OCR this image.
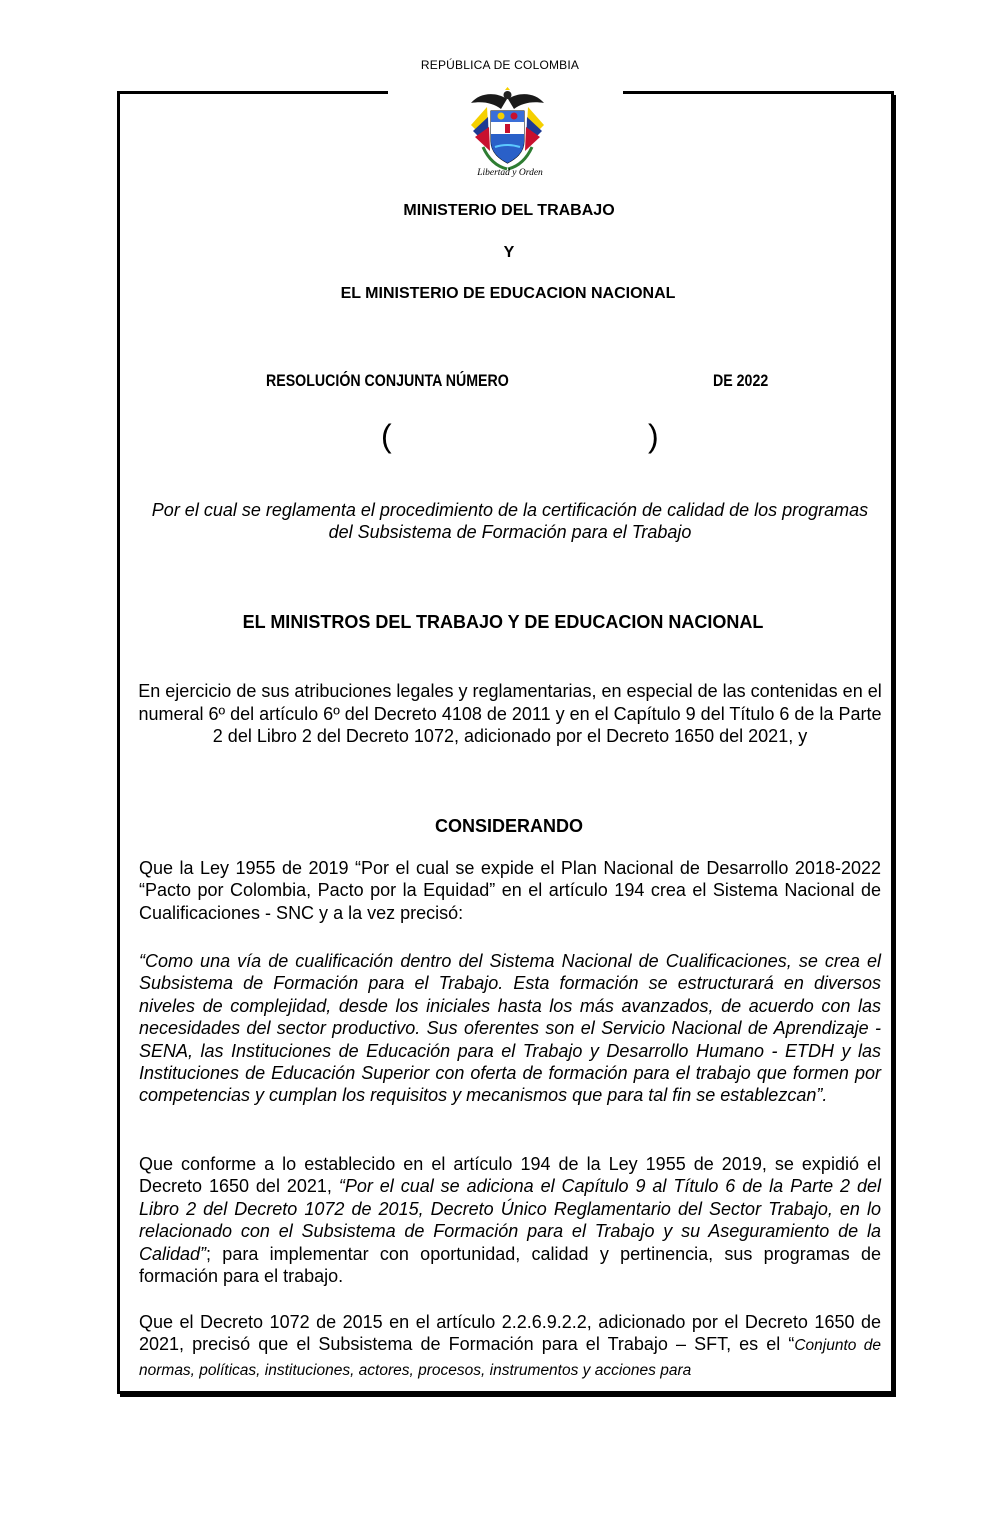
REPÚBLICA DE COLOMBIA
Libertad y Orden
MINISTERIO DEL TRABAJO
Y
EL MINISTERIO DE EDUCACION NACIONAL
RESOLUCIÓN CONJUNTA NÚMERO	DE 2022
(	)
Por el cual se reglamenta el procedimiento de la certificación de calidad de los programas del Subsistema de Formación para el Trabajo
EL MINISTROS DEL TRABAJO Y DE EDUCACION NACIONAL
En ejercicio de sus atribuciones legales y reglamentarias, en especial de las contenidas en el numeral 6º del artículo 6º del Decreto 4108 de 2011 y en el Capítulo 9 del Título 6 de la Parte 2 del Libro 2 del Decreto 1072, adicionado por el Decreto 1650 del 2021, y
CONSIDERANDO
Que la Ley 1955 de 2019 “Por el cual se expide el Plan Nacional de Desarrollo 2018-2022 “Pacto por Colombia, Pacto por la Equidad” en el artículo 194 crea el Sistema Nacional de Cualificaciones - SNC y a la vez precisó:
“Como una vía de cualificación dentro del Sistema Nacional de Cualificaciones, se crea el Subsistema de Formación para el Trabajo. Esta formación se estructurará en diversos niveles de complejidad, desde los iniciales hasta los más avanzados, de acuerdo con las necesidades del sector productivo. Sus oferentes son el Servicio Nacional de Aprendizaje - SENA, las Instituciones de Educación para el Trabajo y Desarrollo Humano - ETDH y las Instituciones de Educación Superior con oferta de formación para el trabajo que formen por competencias y cumplan los requisitos y mecanismos que para tal fin se establezcan”.
Que conforme a lo establecido en el artículo 194 de la Ley 1955 de 2019, se expidió el Decreto 1650 del 2021, “Por el cual se adiciona el Capítulo 9 al Título 6 de la Parte 2 del Libro 2 del Decreto 1072 de 2015, Decreto Único Reglamentario del Sector Trabajo, en lo relacionado con el Subsistema de Formación para el Trabajo y su Aseguramiento de la Calidad”; para implementar con oportunidad, calidad y pertinencia, sus programas de formación para el trabajo.
Que el Decreto 1072 de 2015 en el artículo 2.2.6.9.2.2, adicionado por el Decreto 1650 de 2021, precisó que el Subsistema de Formación para el Trabajo – SFT, es el “Conjunto de normas, políticas, instituciones, actores, procesos, instrumentos y acciones para
